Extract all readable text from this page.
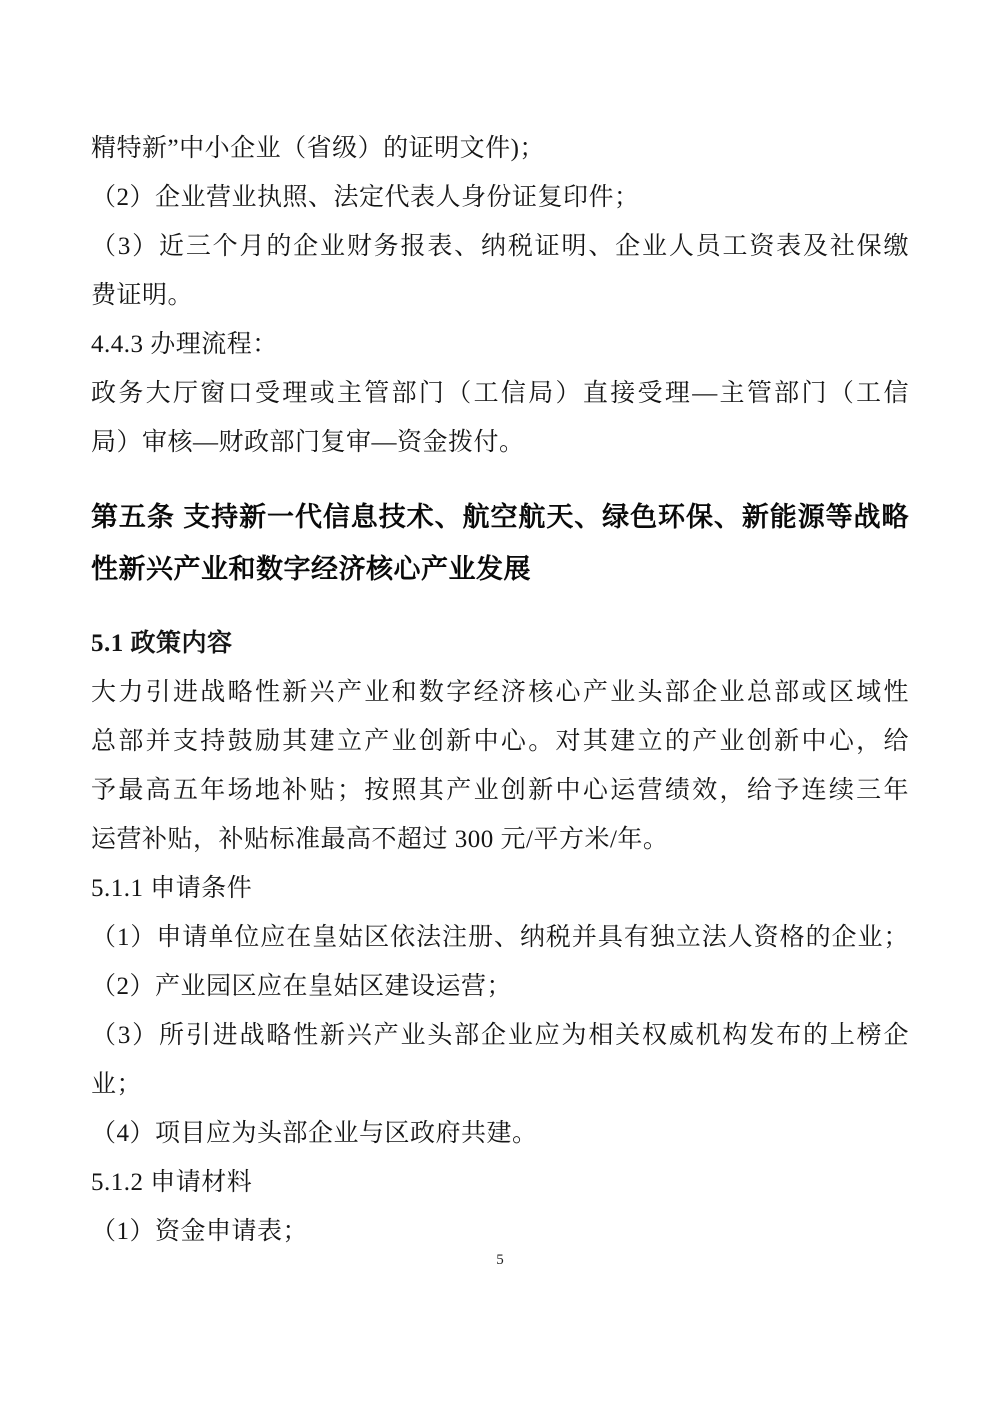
精特新”中小企业（省级）的证明文件)；
（2）企业营业执照、法定代表人身份证复印件；
（3）近三个月的企业财务报表、纳税证明、企业人员工资表及社保缴
费证明。
4.4.3 办理流程：
政务大厅窗口受理或主管部门（工信局）直接受理—主管部门（工信
局）审核—财政部门复审—资金拨付。
第五条 支持新一代信息技术、航空航天、绿色环保、新能源等战略
性新兴产业和数字经济核心产业发展
5.1 政策内容
大力引进战略性新兴产业和数字经济核心产业头部企业总部或区域性
总部并支持鼓励其建立产业创新中心。对其建立的产业创新中心，给
予最高五年场地补贴；按照其产业创新中心运营绩效，给予连续三年
运营补贴，补贴标准最高不超过 300 元/平方米/年。
5.1.1 申请条件
（1）申请单位应在皇姑区依法注册、纳税并具有独立法人资格的企业；
（2）产业园区应在皇姑区建设运营；
（3）所引进战略性新兴产业头部企业应为相关权威机构发布的上榜企
业；
（4）项目应为头部企业与区政府共建。
5.1.2 申请材料
（1）资金申请表；
5
